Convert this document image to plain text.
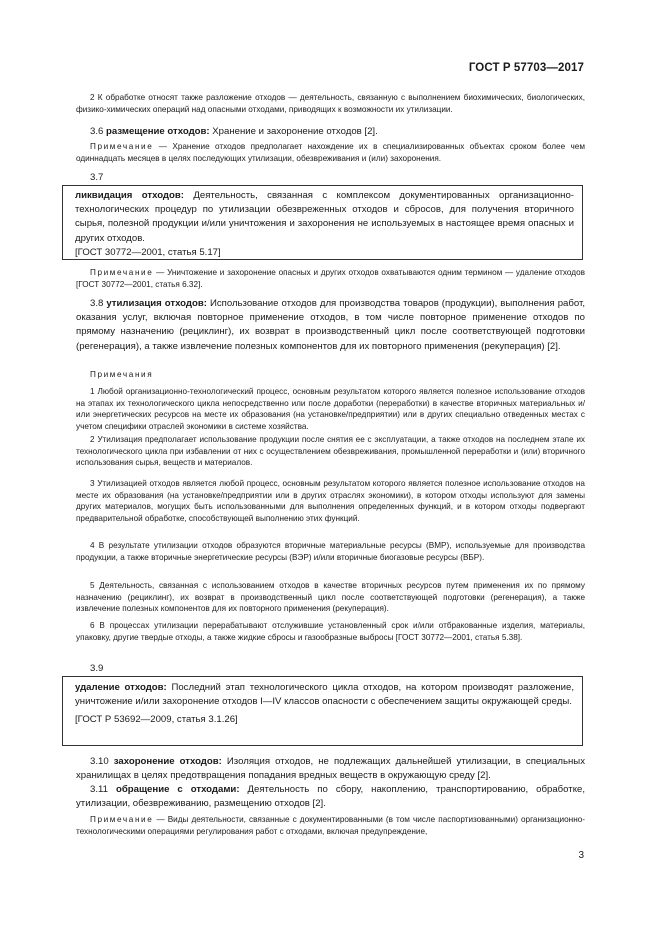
ГОСТ Р 57703—2017
2 К обработке относят также разложение отходов — деятельность, связанную с выполнением биохимических, биологических, физико-химических операций над опасными отходами, приводящих к возможности их утилизации.
3.6 размещение отходов: Хранение и захоронение отходов [2].
Примечание — Хранение отходов предполагает нахождение их в специализированных объектах сроком более чем одиннадцать месяцев в целях последующих утилизации, обезвреживания и (или) захоронения.
3.7
ликвидация отходов: Деятельность, связанная с комплексом документированных организационно-технологических процедур по утилизации обезвреженных отходов и сбросов, для получения вторичного сырья, полезной продукции и/или уничтожения и захоронения не используемых в настоящее время опасных и других отходов.
[ГОСТ 30772—2001, статья 5.17]
Примечание — Уничтожение и захоронение опасных и других отходов охватываются одним термином — удаление отходов [ГОСТ 30772—2001, статья 6.32].
3.8 утилизация отходов: Использование отходов для производства товаров (продукции), выполнения работ, оказания услуг, включая повторное применение отходов, в том числе повторное применение отходов по прямому назначению (рециклинг), их возврат в производственный цикл после соответствующей подготовки (регенерация), а также извлечение полезных компонентов для их повторного применения (рекуперация) [2].
Примечания
1 Любой организационно-технологический процесс, основным результатом которого является полезное использование отходов на этапах их технологического цикла непосредственно или после доработки (переработки) в качестве вторичных материальных и/или энергетических ресурсов на месте их образования (на установке/предприятии) или в других специально отведенных местах с учетом специфики отраслей экономики в системе хозяйства.
2 Утилизация предполагает использование продукции после снятия ее с эксплуатации, а также отходов на последнем этапе их технологического цикла при избавлении от них с осуществлением обезвреживания, промышленной переработки и (или) вторичного использования сырья, веществ и материалов.
3 Утилизацией отходов является любой процесс, основным результатом которого является полезное использование отходов на месте их образования (на установке/предприятии или в других отраслях экономики), в котором отходы используют для замены других материалов, могущих быть использованными для выполнения определенных функций, и в котором отходы подвергают предварительной обработке, способствующей выполнению этих функций.
4 В результате утилизации отходов образуются вторичные материальные ресурсы (ВМР), используемые для производства продукции, а также вторичные энергетические ресурсы (ВЭР) и/или вторичные биогазовые ресурсы (ВБР).
5 Деятельность, связанная с использованием отходов в качестве вторичных ресурсов путем применения их по прямому назначению (рециклинг), их возврат в производственный цикл после соответствующей подготовки (регенерация), а также извлечение полезных компонентов для их повторного применения (рекуперация).
6 В процессах утилизации перерабатывают отслужившие установленный срок и/или отбракованные изделия, материалы, упаковку, другие твердые отходы, а также жидкие сбросы и газообразные выбросы [ГОСТ 30772—2001, статья 5.38].
3.9
удаление отходов: Последний этап технологического цикла отходов, на котором производят разложение, уничтожение и/или захоронение отходов I—IV классов опасности с обеспечением защиты окружающей среды.
[ГОСТ Р 53692—2009, статья 3.1.26]
3.10 захоронение отходов: Изоляция отходов, не подлежащих дальнейшей утилизации, в специальных хранилищах в целях предотвращения попадания вредных веществ в окружающую среду [2].
3.11 обращение с отходами: Деятельность по сбору, накоплению, транспортированию, обработке, утилизации, обезвреживанию, размещению отходов [2].
Примечание — Виды деятельности, связанные с документированными (в том числе паспортизованными) организационно-технологическими операциями регулирования работ с отходами, включая предупреждение,
3
